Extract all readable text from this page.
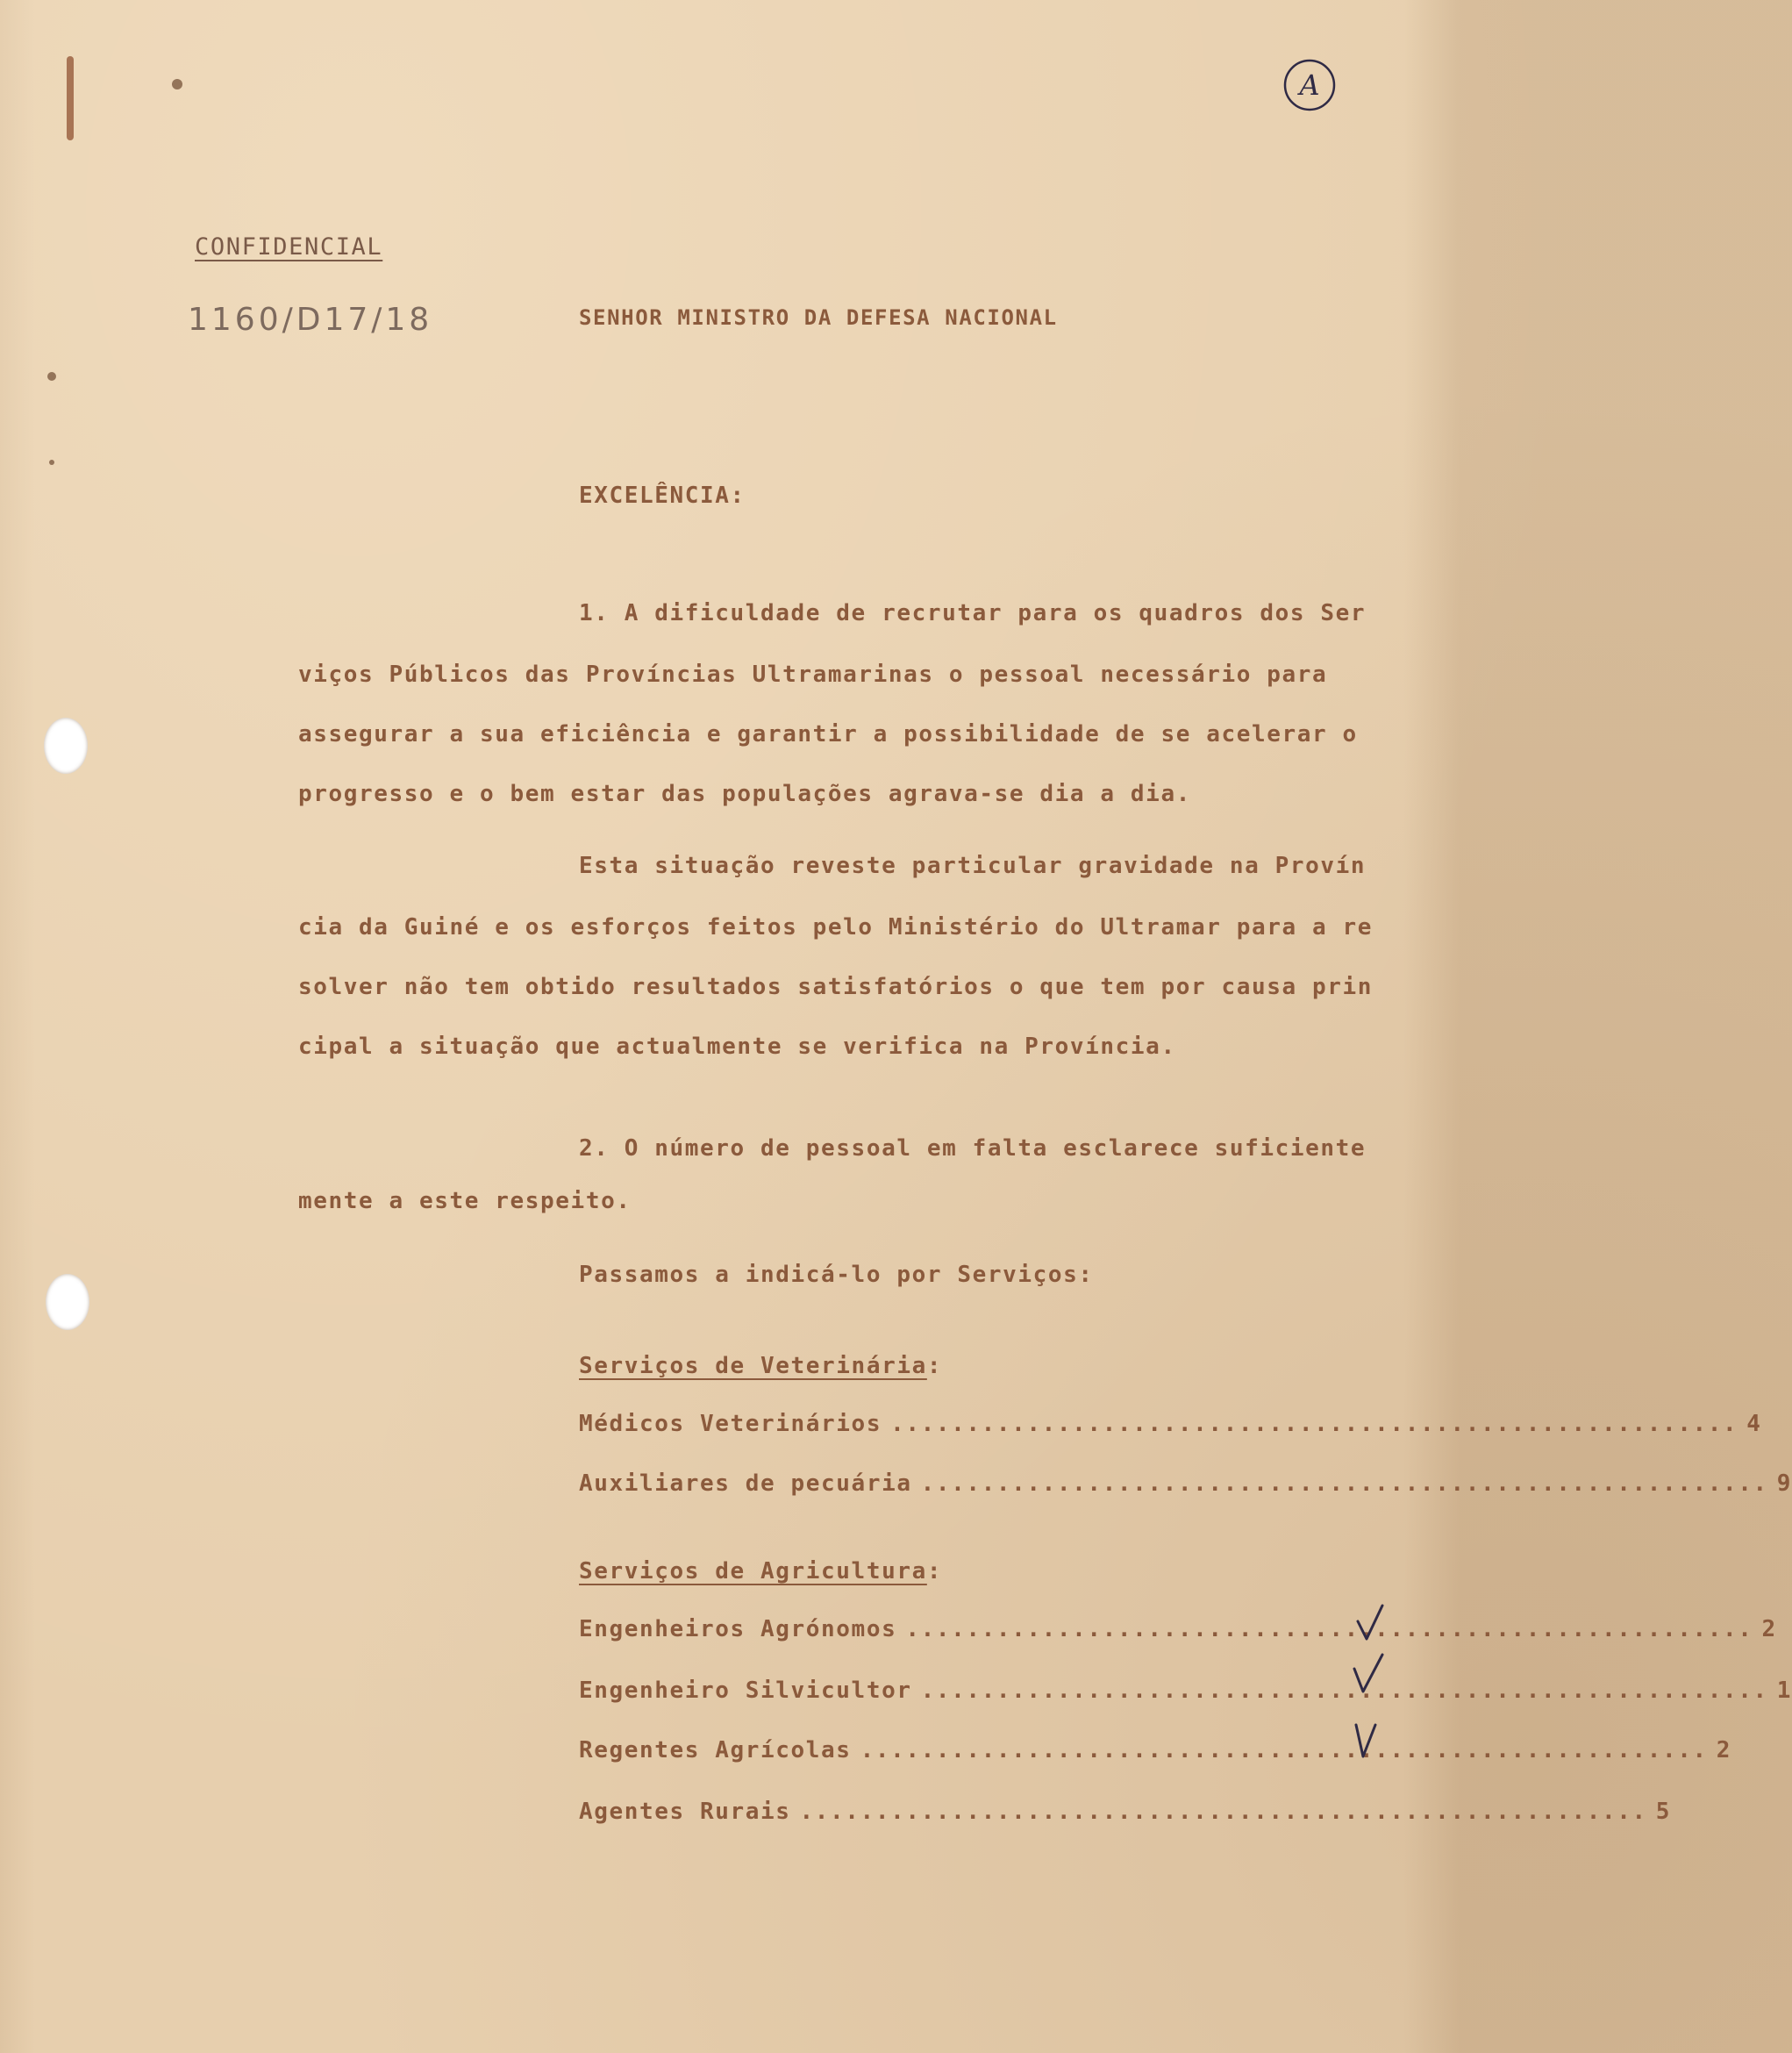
A
CONFIDENCIAL
1160/D17/18	SENHOR MINISTRO DA DEFESA NACIONAL
EXCELÊNCIA:
1. A dificuldade de recrutar para os quadros dos Ser
viços Públicos das Províncias Ultramarinas o pessoal necessário para
assegurar a sua eficiência e garantir a possibilidade de se acelerar o
progresso e o bem estar das populações agrava-se dia a dia.
Esta situação reveste particular gravidade na Provín
cia da Guiné e os esforços feitos pelo Ministério do Ultramar para a re
solver não tem obtido resultados satisfatórios o que tem por causa prin
cipal a situação que actualmente se verifica na Província.
2. O número de pessoal em falta esclarece suficiente
mente a este respeito.
Passamos a indicá-lo por Serviços:
Serviços de Veterinária:
Médicos Veterinários ........................................................ 4
Auxiliares de pecuária ........................................................ 9
Serviços de Agricultura:
Engenheiros Agrónomos ........................................................ 2
Engenheiro Silvicultor ........................................................ 1
Regentes Agrícolas ........................................................ 2
Agentes Rurais ........................................................ 5
